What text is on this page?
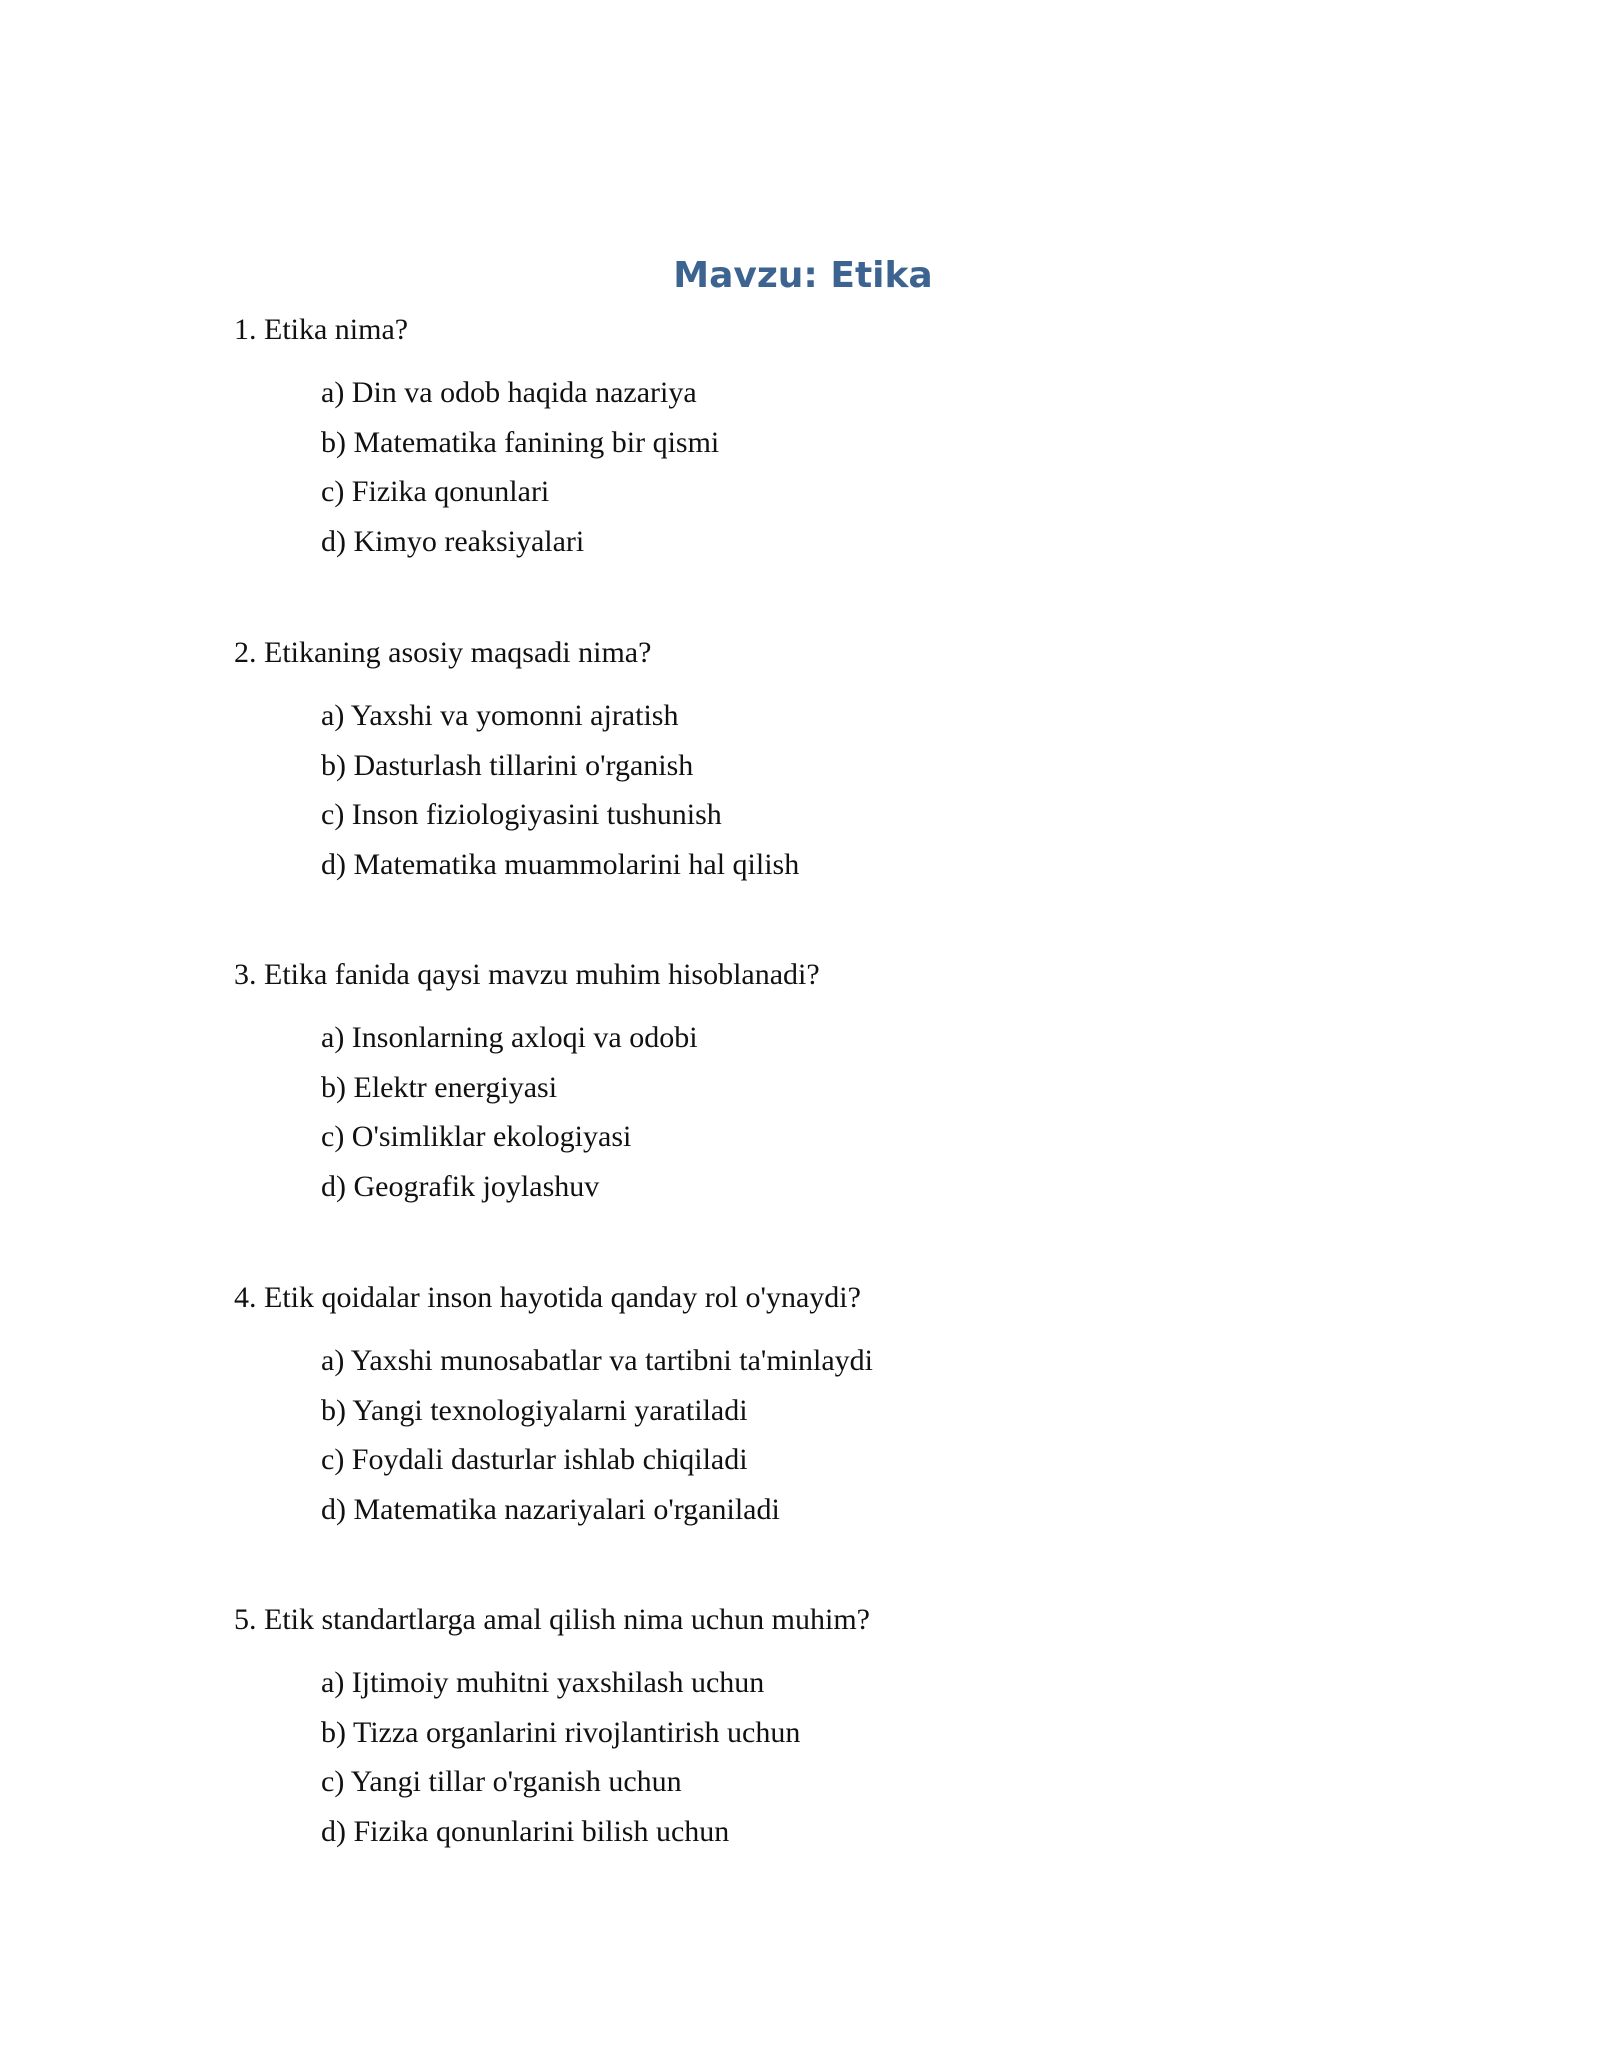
Mavzu: Etika

1. Etika nima?

a) Din va odob haqida nazariya
b) Matematika fanining bir qismi
c) Fizika qonunlari
d) Kimyo reaksiyalari

2. Etikaning asosiy maqsadi nima?

a) Yaxshi va yomonni ajratish
b) Dasturlash tillarini o'rganish
c) Inson fiziologiyasini tushunish
d) Matematika muammolarini hal qilish

3. Etika fanida qaysi mavzu muhim hisoblanadi?

a) Insonlarning axloqi va odobi
b) Elektr energiyasi
c) O'simliklar ekologiyasi
d) Geografik joylashuv

4. Etik qoidalar inson hayotida qanday rol o'ynaydi?

a) Yaxshi munosabatlar va tartibni ta'minlaydi
b) Yangi texnologiyalarni yaratiladi
c) Foydali dasturlar ishlab chiqiladi
d) Matematika nazariyalari o'rganiladi

5. Etik standartlarga amal qilish nima uchun muhim?

a) Ijtimoiy muhitni yaxshilash uchun
b) Tizza organlarini rivojlantirish uchun
c) Yangi tillar o'rganish uchun
d) Fizika qonunlarini bilish uchun
